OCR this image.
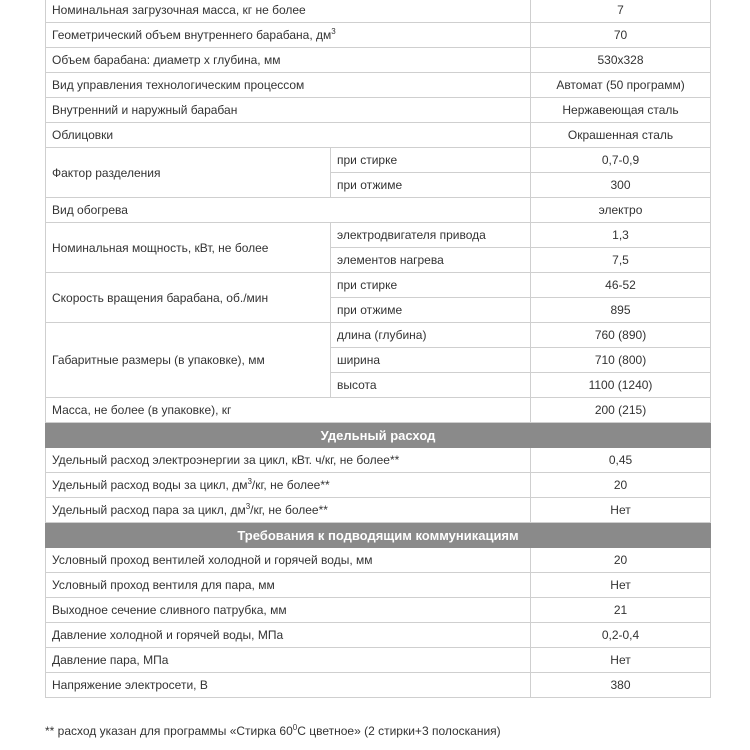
Номинальная загрузочная масса, кг не более		7
Геометрический объем внутреннего барабана, $дм^3$		70
Объем барабана: диаметр x глубина, мм		530x328
Вид управления технологическим процессом		Автомат (50 программ)
Внутренний и наружный барабан		Нержавеющая сталь
Облицовки		Окрашенная сталь
Фактор разделения	при стирке	0,7-0,9
	при отжиме	300
Вид обогрева		электро
Номинальная мощность, кВт, не более	электродвигателя привода	1,3
	элементов нагрева	7,5
Скорость вращения барабана, об./мин	при стирке	46-52
	при отжиме	895
Габаритные размеры (в упаковке), мм	длина (глубина)	760 (890)
	ширина	710 (800)
	высота	1100 (1240)
Масса, не более (в упаковке), кг		200 (215)
Удельный расход		
Удельный расход электроэнергии за цикл, кВт. ч/кг, не более**		0,45
Удельный расход воды за цикл, $дм^3/кг$, не более**		20
Удельный расход пара за цикл, $дм^3/кг$, не более**		Нет
Требования к подводящим коммуникациям		
Условный проход вентилей холодной и горячей воды, мм		20
Условный проход вентиля для пара, мм		Нет
Выходное сечение сливного патрубка, мм		21
Давление холодной и горячей воды, МПа		0,2-0,4
Давление пара, МПа		Нет
Напряжение электросети, В		380
** расход указан для программы «Стирка $60^0С$ цветное» (2 стирки+3 полоскания)
